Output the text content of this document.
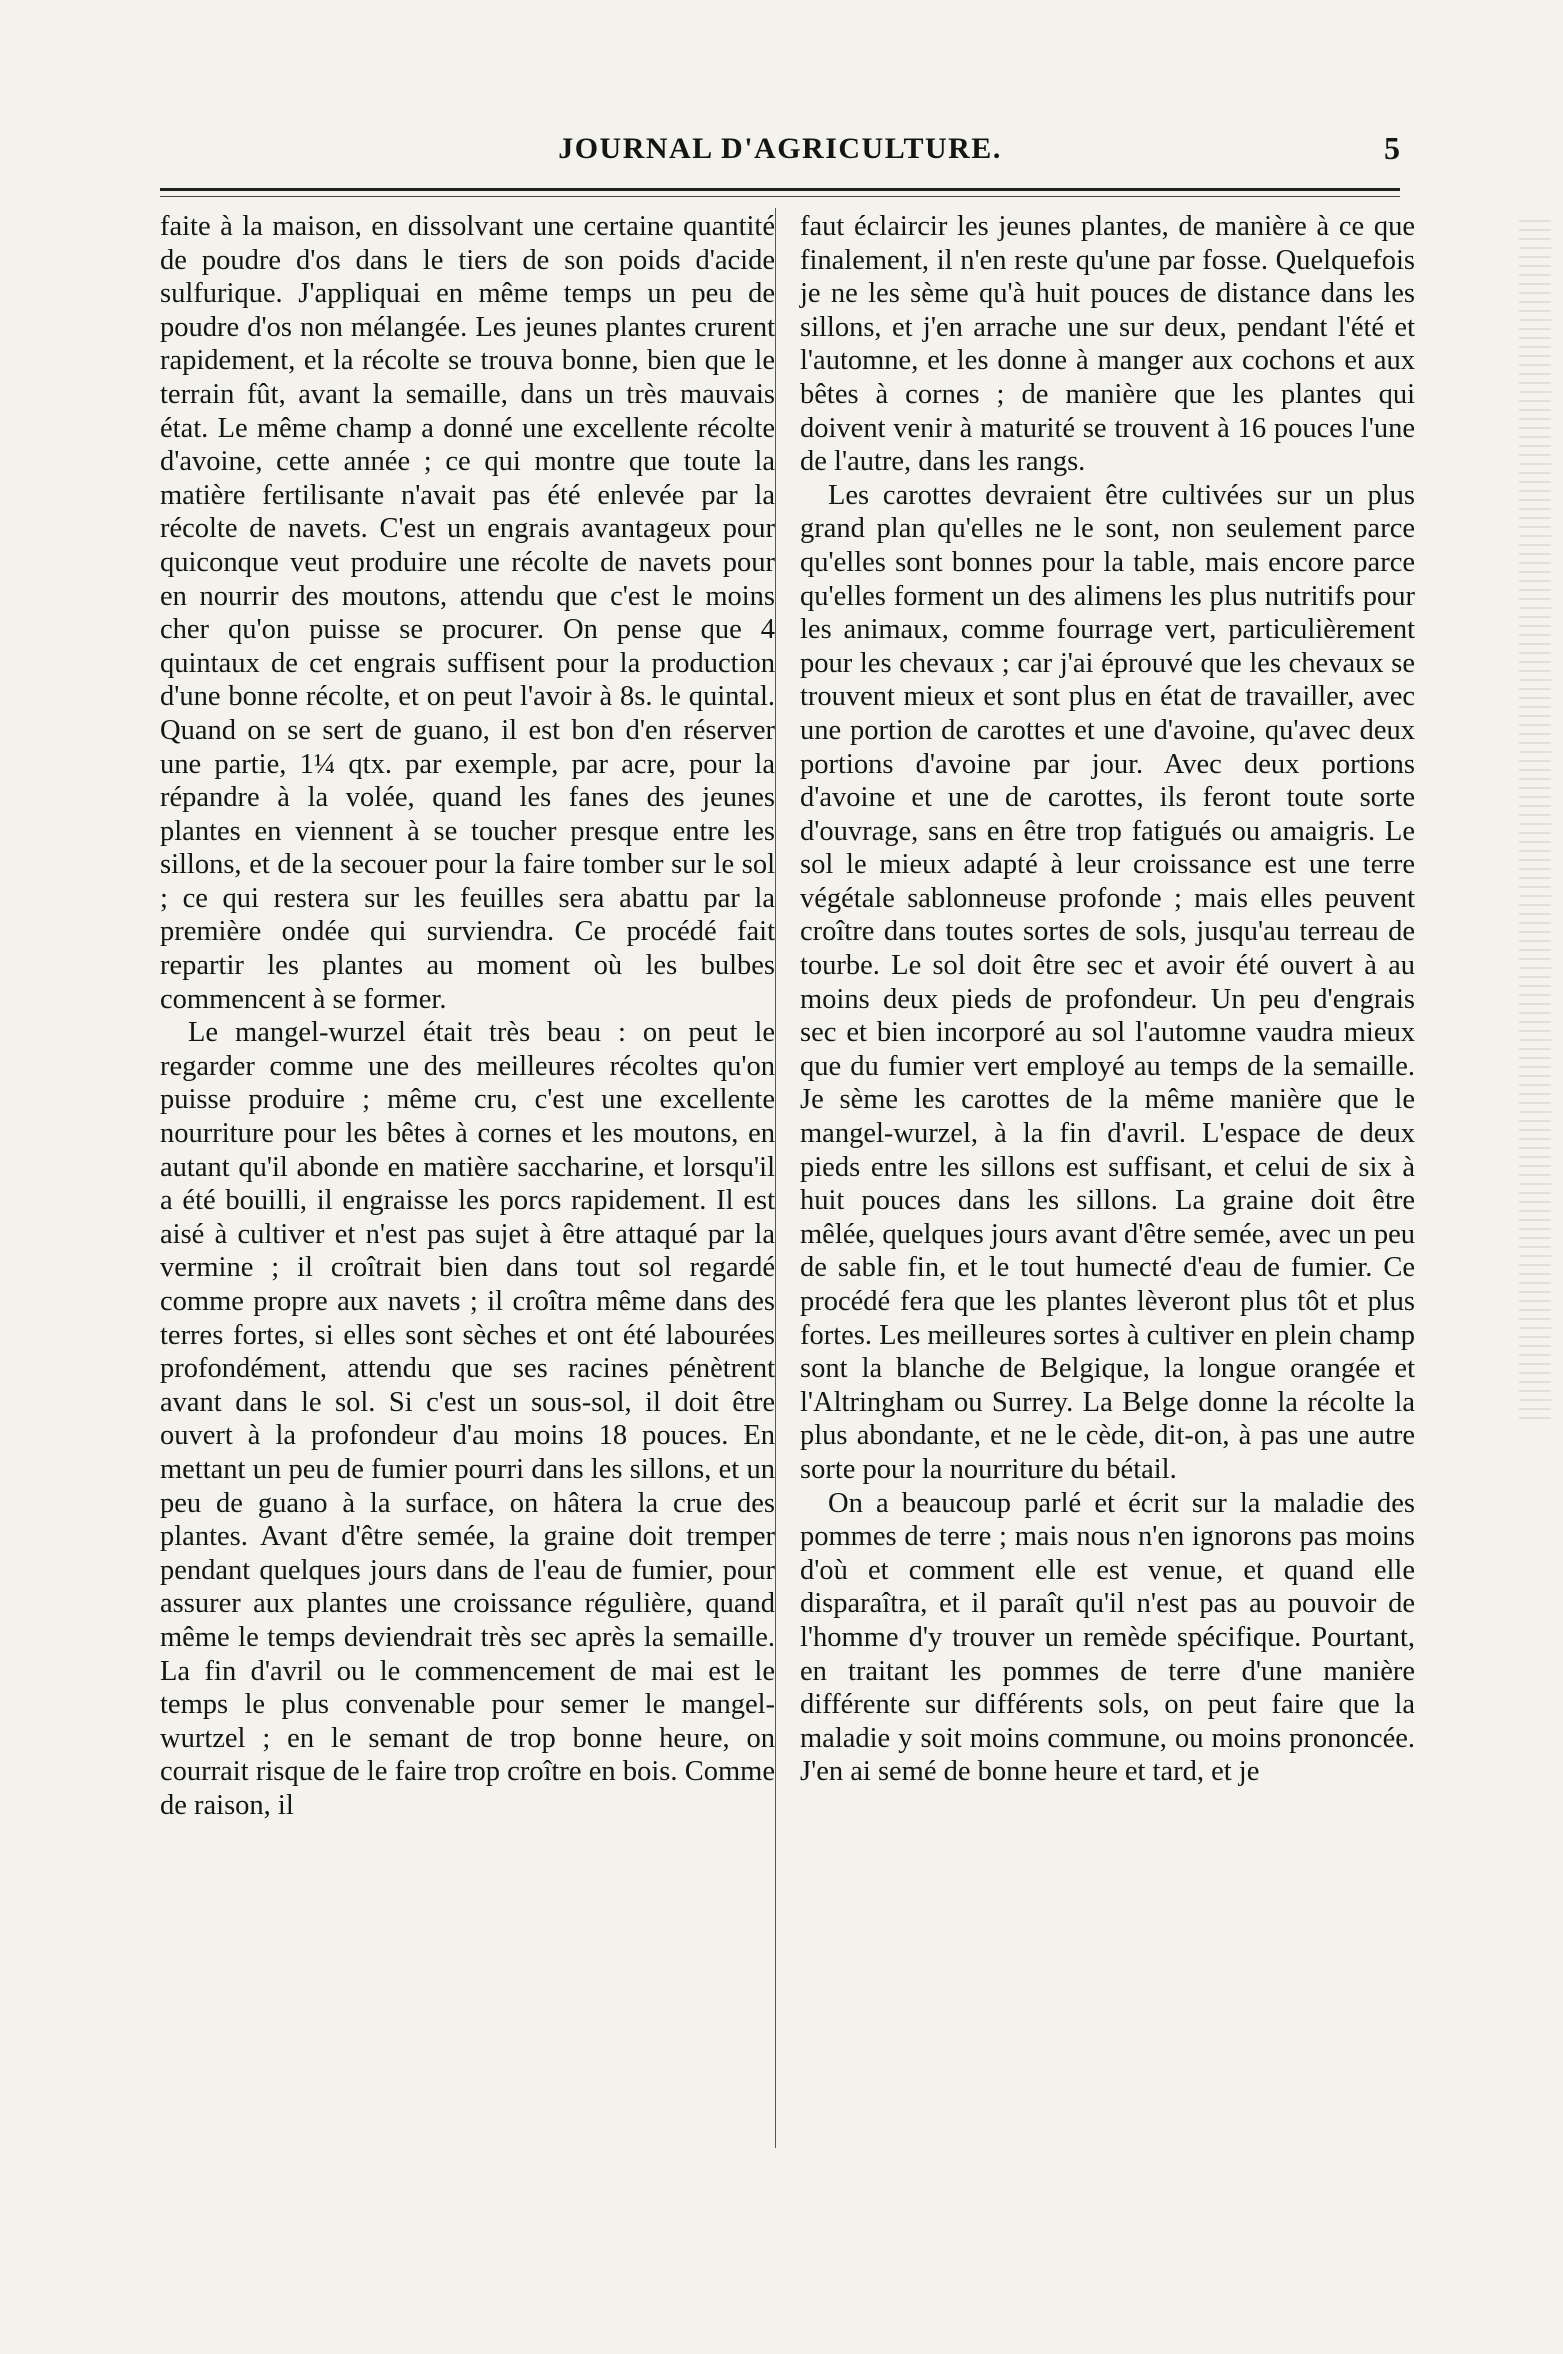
JOURNAL D'AGRICULTURE.	5

faite à la maison, en dissolvant une certaine quantité de poudre d'os dans le tiers de son poids d'acide sulfurique. J'appliquai en même temps un peu de poudre d'os non mélangée. Les jeunes plantes crurent rapidement, et la récolte se trouva bonne, bien que le terrain fût, avant la semaille, dans un très mauvais état. Le même champ a donné une excellente récolte d'avoine, cette année ; ce qui montre que toute la matière fertilisante n'avait pas été enlevée par la récolte de navets. C'est un engrais avantageux pour quiconque veut produire une récolte de navets pour en nourrir des moutons, attendu que c'est le moins cher qu'on puisse se procurer. On pense que 4 quintaux de cet engrais suffisent pour la production d'une bonne récolte, et on peut l'avoir à 8s. le quintal. Quand on se sert de guano, il est bon d'en réserver une partie, 1¼ qtx. par exemple, par acre, pour la répandre à la volée, quand les fanes des jeunes plantes en viennent à se toucher presque entre les sillons, et de la secouer pour la faire tomber sur le sol ; ce qui restera sur les feuilles sera abattu par la première ondée qui surviendra. Ce procédé fait repartir les plantes au moment où les bulbes commencent à se former.

Le mangel-wurzel était très beau : on peut le regarder comme une des meilleures récoltes qu'on puisse produire ; même cru, c'est une excellente nourriture pour les bêtes à cornes et les moutons, en autant qu'il abonde en matière saccharine, et lorsqu'il a été bouilli, il engraisse les porcs rapidement. Il est aisé à cultiver et n'est pas sujet à être attaqué par la vermine ; il croîtrait bien dans tout sol regardé comme propre aux navets ; il croîtra même dans des terres fortes, si elles sont sèches et ont été labourées profondément, attendu que ses racines pénètrent avant dans le sol. Si c'est un sous-sol, il doit être ouvert à la profondeur d'au moins 18 pouces. En mettant un peu de fumier pourri dans les sillons, et un peu de guano à la surface, on hâtera la crue des plantes. Avant d'être semée, la graine doit tremper pendant quelques jours dans de l'eau de fumier, pour assurer aux plantes une croissance régulière, quand même le temps deviendrait très sec après la semaille. La fin d'avril ou le commencement de mai est le temps le plus convenable pour semer le mangel-wurtzel ; en le semant de trop bonne heure, on courrait risque de le faire trop croître en bois. Comme de raison, il

faut éclaircir les jeunes plantes, de manière à ce que finalement, il n'en reste qu'une par fosse. Quelquefois je ne les sème qu'à huit pouces de distance dans les sillons, et j'en arrache une sur deux, pendant l'été et l'automne, et les donne à manger aux cochons et aux bêtes à cornes ; de manière que les plantes qui doivent venir à maturité se trouvent à 16 pouces l'une de l'autre, dans les rangs.

Les carottes devraient être cultivées sur un plus grand plan qu'elles ne le sont, non seulement parce qu'elles sont bonnes pour la table, mais encore parce qu'elles forment un des alimens les plus nutritifs pour les animaux, comme fourrage vert, particulièrement pour les chevaux ; car j'ai éprouvé que les chevaux se trouvent mieux et sont plus en état de travailler, avec une portion de carottes et une d'avoine, qu'avec deux portions d'avoine par jour. Avec deux portions d'avoine et une de carottes, ils feront toute sorte d'ouvrage, sans en être trop fatigués ou amaigris. Le sol le mieux adapté à leur croissance est une terre végétale sablonneuse profonde ; mais elles peuvent croître dans toutes sortes de sols, jusqu'au terreau de tourbe. Le sol doit être sec et avoir été ouvert à au moins deux pieds de profondeur. Un peu d'engrais sec et bien incorporé au sol l'automne vaudra mieux que du fumier vert employé au temps de la semaille. Je sème les carottes de la même manière que le mangel-wurzel, à la fin d'avril. L'espace de deux pieds entre les sillons est suffisant, et celui de six à huit pouces dans les sillons. La graine doit être mêlée, quelques jours avant d'être semée, avec un peu de sable fin, et le tout humecté d'eau de fumier. Ce procédé fera que les plantes lèveront plus tôt et plus fortes. Les meilleures sortes à cultiver en plein champ sont la blanche de Belgique, la longue orangée et l'Altringham ou Surrey. La Belge donne la récolte la plus abondante, et ne le cède, dit-on, à pas une autre sorte pour la nourriture du bétail.

On a beaucoup parlé et écrit sur la maladie des pommes de terre ; mais nous n'en ignorons pas moins d'où et comment elle est venue, et quand elle disparaîtra, et il paraît qu'il n'est pas au pouvoir de l'homme d'y trouver un remède spécifique. Pourtant, en traitant les pommes de terre d'une manière différente sur différents sols, on peut faire que la maladie y soit moins commune, ou moins prononcée. J'en ai semé de bonne heure et tard, et je
